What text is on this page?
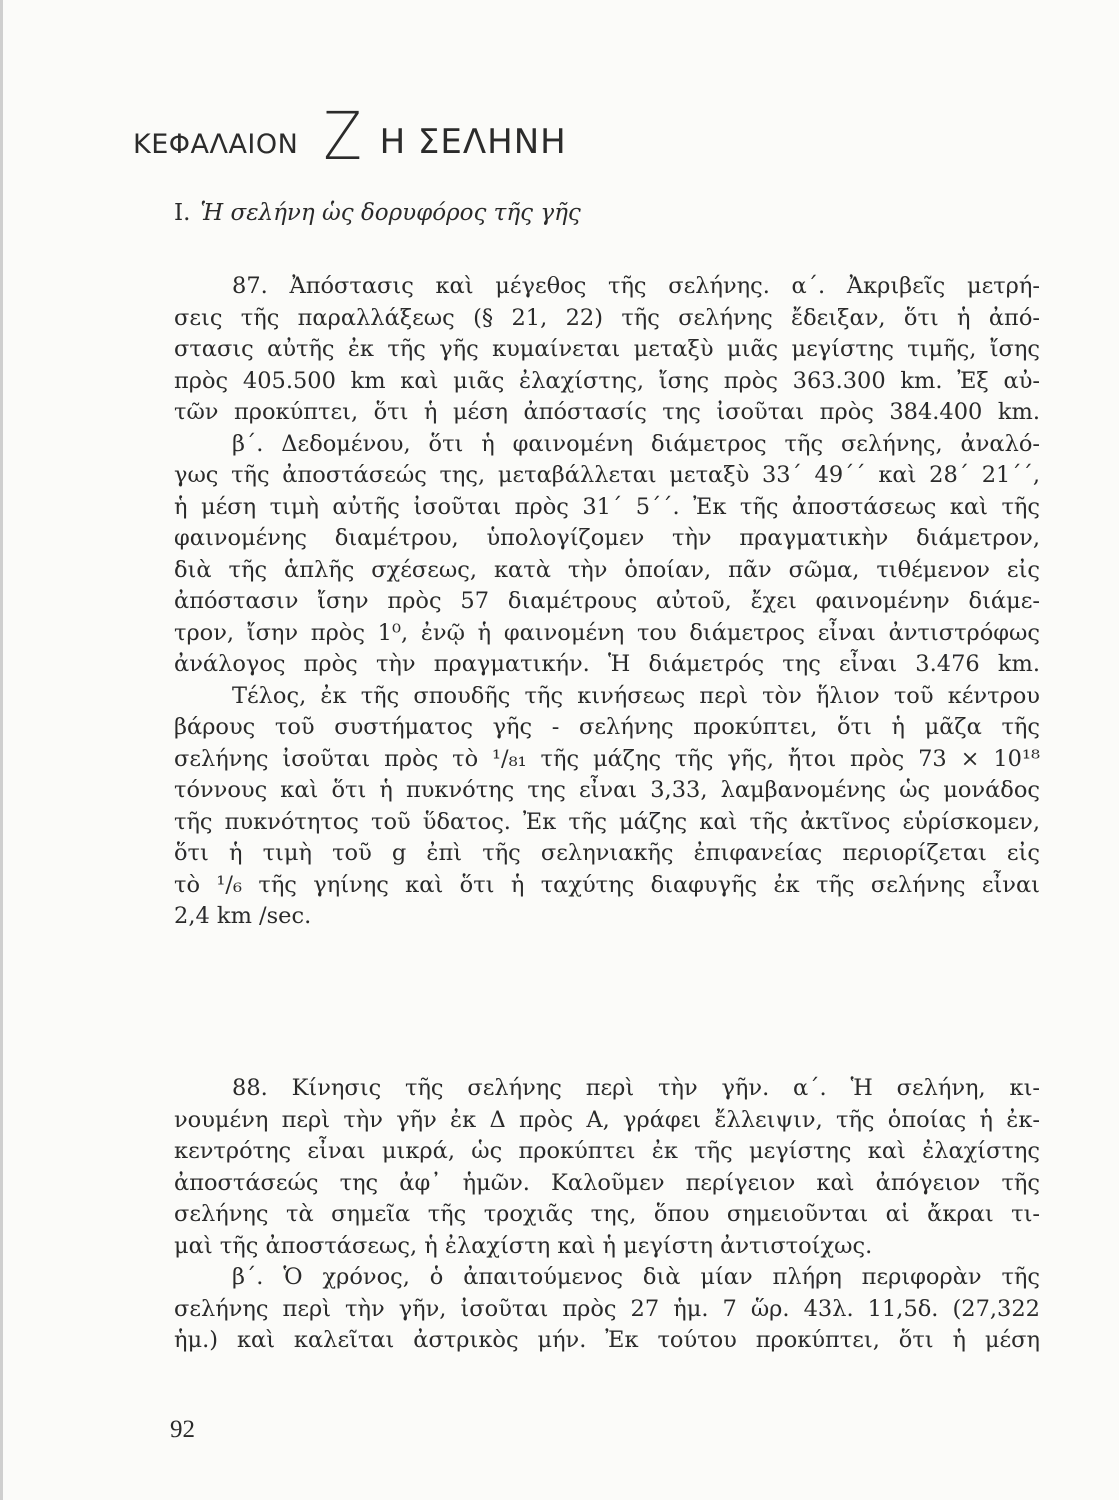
ΚΕΦΑΛΑΙΟΝ Z Η ΣΕΛΗΝΗ
I. Ἡ σελήνη ὡς δορυφόρος τῆς γῆς
87. Ἀπόστασις καὶ μέγεθος τῆς σελήνης. α΄. Ἀκριβεῖς μετρή-
σεις τῆς παραλλάξεως (§ 21, 22) τῆς σελήνης ἔδειξαν, ὅτι ἡ ἀπό-
στασις αὐτῆς ἐκ τῆς γῆς κυμαίνεται μεταξὺ μιᾶς μεγίστης τιμῆς, ἴσης
πρὸς 405.500 km καὶ μιᾶς ἐλαχίστης, ἴσης πρὸς 363.300 km. Ἐξ αὐ-
τῶν προκύπτει, ὅτι ἡ μέση ἀπόστασίς της ἰσοῦται πρὸς 384.400 km.
β΄. Δεδομένου, ὅτι ἡ φαινομένη διάμετρος τῆς σελήνης, ἀναλό-
γως τῆς ἀποστάσεώς της, μεταβάλλεται μεταξὺ 33΄ 49΄΄ καὶ 28΄ 21΄΄,
ἡ μέση τιμὴ αὐτῆς ἰσοῦται πρὸς 31΄ 5΄΄. Ἐκ τῆς ἀποστάσεως καὶ τῆς
φαινομένης διαμέτρου, ὑπολογίζομεν τὴν πραγματικὴν διάμετρον,
διὰ τῆς ἁπλῆς σχέσεως, κατὰ τὴν ὁποίαν, πᾶν σῶμα, τιθέμενον εἰς
ἀπόστασιν ἴσην πρὸς 57 διαμέτρους αὐτοῦ, ἔχει φαινομένην διάμε-
τρον, ἴσην πρὸς 1⁰, ἐνῷ ἡ φαινομένη του διάμετρος εἶναι ἀντιστρόφως
ἀνάλογος πρὸς τὴν πραγματικήν. Ἡ διάμετρός της εἶναι 3.476 km.
Τέλος, ἐκ τῆς σπουδῆς τῆς κινήσεως περὶ τὸν ἥλιον τοῦ κέντρου
βάρους τοῦ συστήματος γῆς - σελήνης προκύπτει, ὅτι ἡ μᾶζα τῆς
σελήνης ἰσοῦται πρὸς τὸ ¹/₈₁ τῆς μάζης τῆς γῆς, ἤτοι πρὸς 73 × 10¹⁸
τόννους καὶ ὅτι ἡ πυκνότης της εἶναι 3,33, λαμβανομένης ὡς μονάδος
τῆς πυκνότητος τοῦ ὕδατος. Ἐκ τῆς μάζης καὶ τῆς ἀκτῖνος εὑρίσκομεν,
ὅτι ἡ τιμὴ τοῦ g ἐπὶ τῆς σεληνιακῆς ἐπιφανείας περιορίζεται εἰς
τὸ ¹/₆ τῆς γηίνης καὶ ὅτι ἡ ταχύτης διαφυγῆς ἐκ τῆς σελήνης εἶναι
2,4 km /sec.
88. Κίνησις τῆς σελήνης περὶ τὴν γῆν. α΄. Ἡ σελήνη, κι-
νουμένη περὶ τὴν γῆν ἐκ Δ πρὸς Α, γράφει ἔλλειψιν, τῆς ὁποίας ἡ ἐκ-
κεντρότης εἶναι μικρά, ὡς προκύπτει ἐκ τῆς μεγίστης καὶ ἐλαχίστης
ἀποστάσεώς της ἀφ᾽ ἡμῶν. Καλοῦμεν περίγειον καὶ ἀπόγειον τῆς
σελήνης τὰ σημεῖα τῆς τροχιᾶς της, ὅπου σημειοῦνται αἱ ἄκραι τι-
μαὶ τῆς ἀποστάσεως, ἡ ἐλαχίστη καὶ ἡ μεγίστη ἀντιστοίχως.
β΄. Ὁ χρόνος, ὁ ἀπαιτούμενος διὰ μίαν πλήρη περιφορὰν τῆς
σελήνης περὶ τὴν γῆν, ἰσοῦται πρὸς 27 ἡμ. 7 ὥρ. 43λ. 11,5δ. (27,322
ἡμ.) καὶ καλεῖται ἀστρικὸς μήν. Ἐκ τούτου προκύπτει, ὅτι ἡ μέση
92
